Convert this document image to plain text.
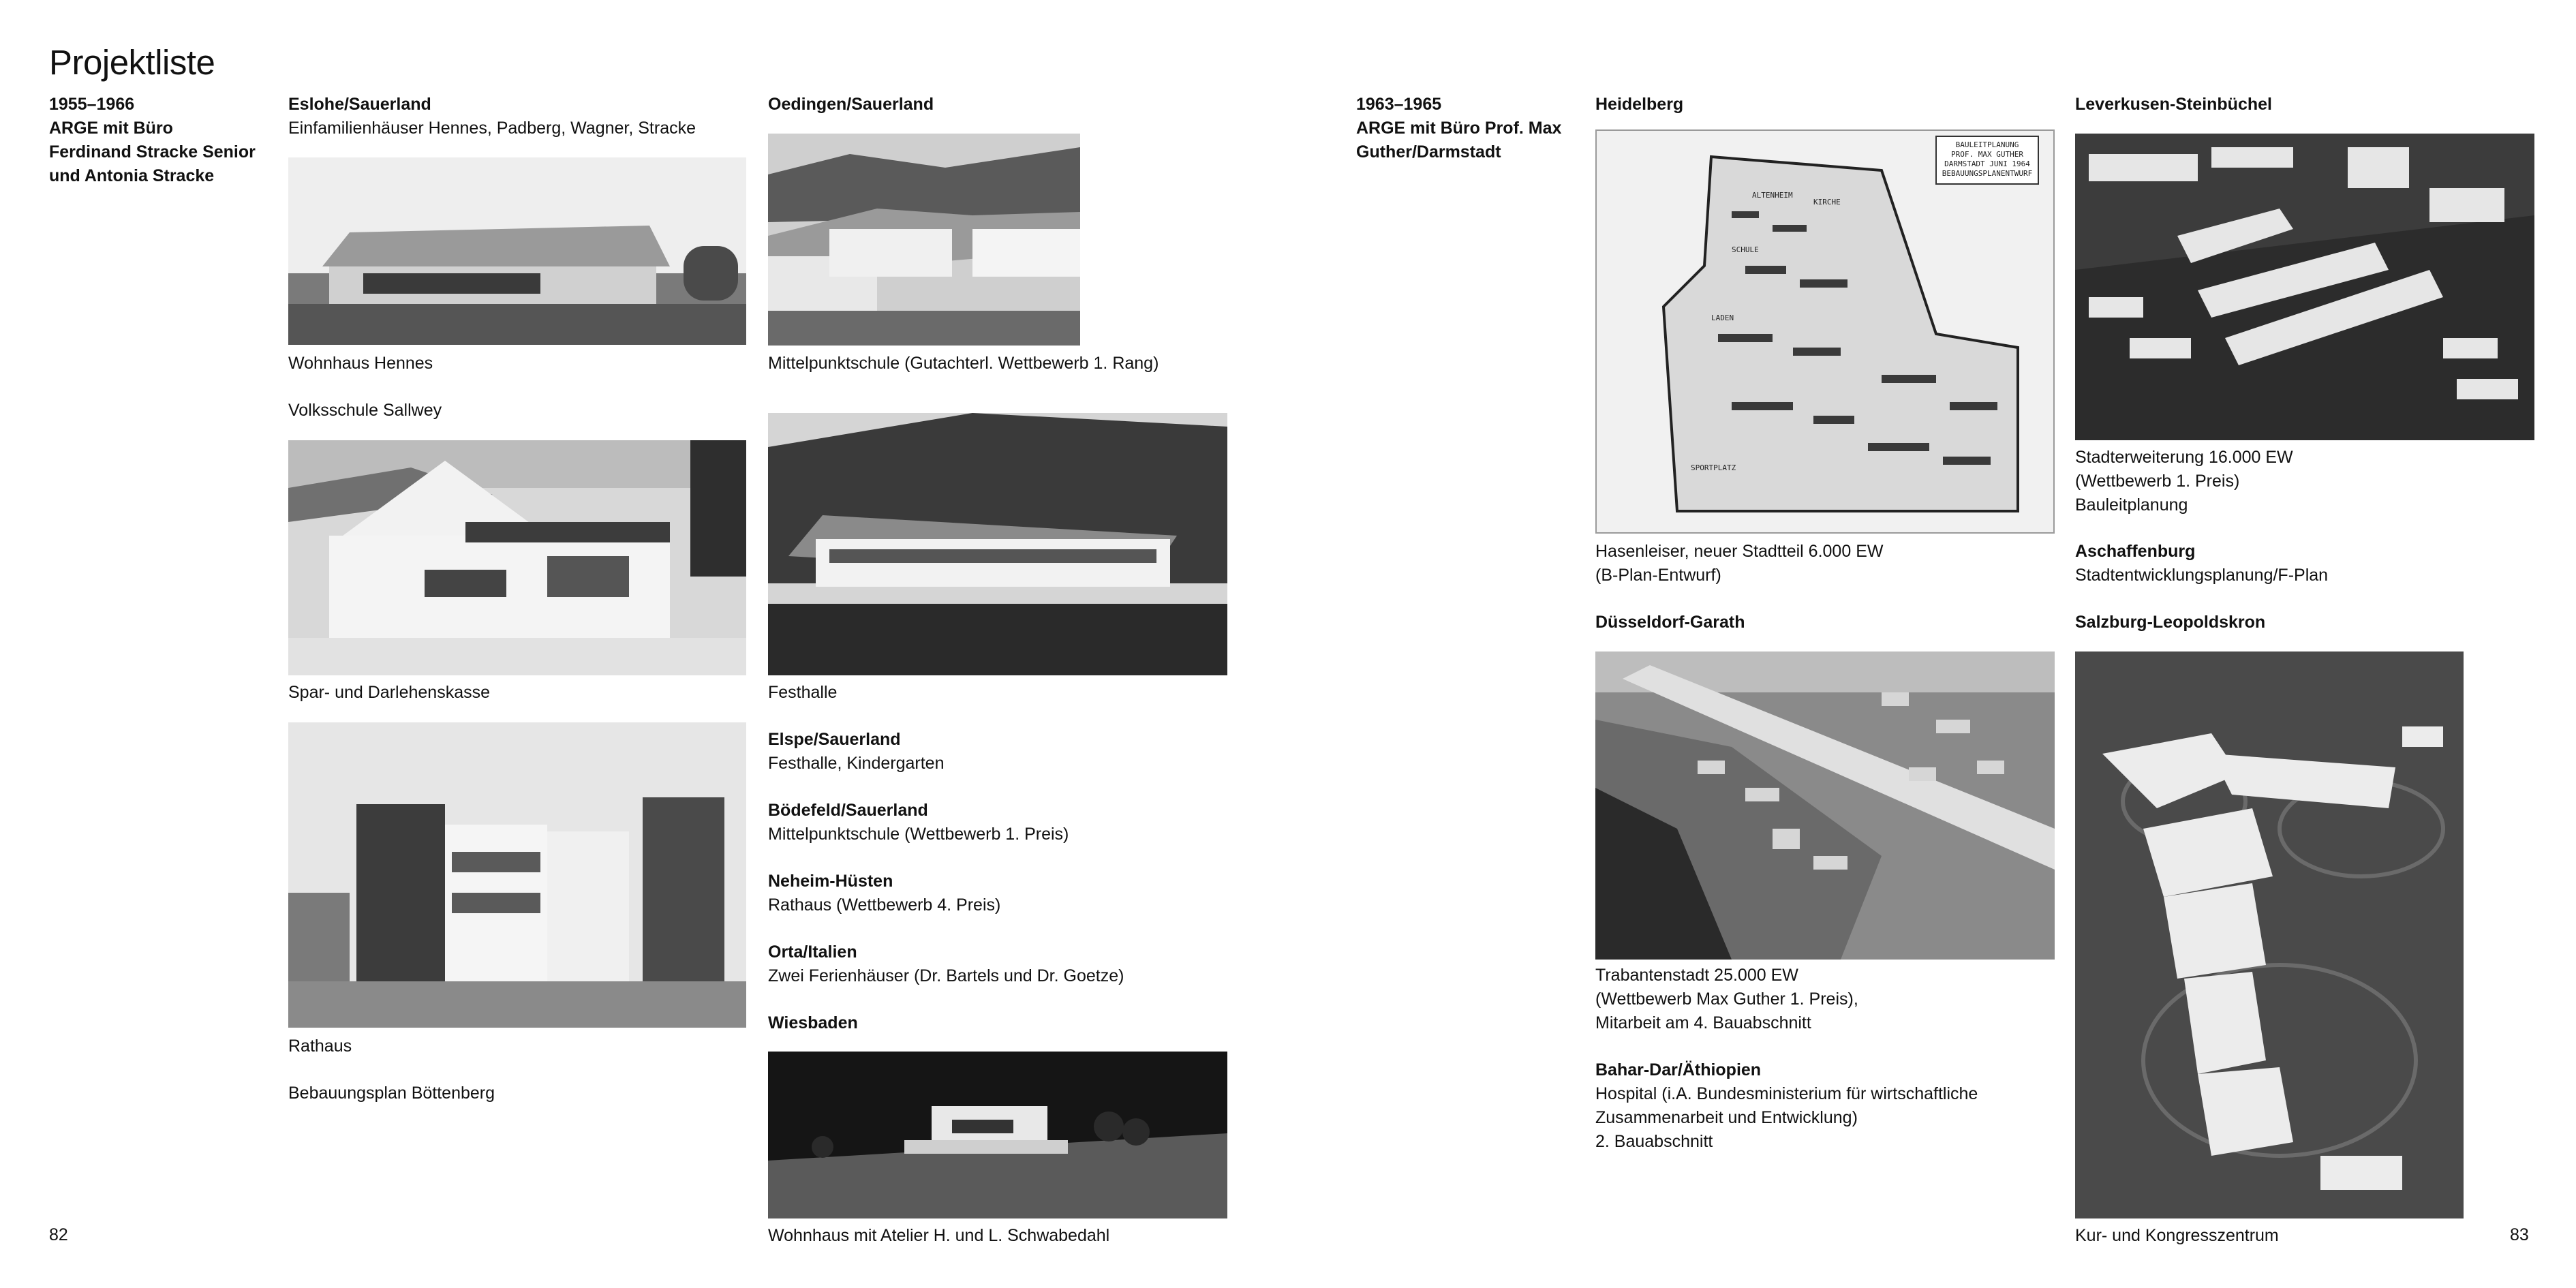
Projektliste
1955–1966
ARGE mit Büro
Ferdinand Stracke Senior
und Antonia Stracke
Eslohe/Sauerland
Einfamilienhäuser Hennes, Padberg, Wagner, Stracke
Wohnhaus Hennes
Volksschule Sallwey
Spar- und Darlehenskasse
Rathaus
Bebauungsplan Böttenberg
Oedingen/Sauerland
Mittelpunktschule (Gutachterl. Wettbewerb 1. Rang)
Festhalle
Elspe/Sauerland
Festhalle, Kindergarten
Bödefeld/Sauerland
Mittelpunktschule (Wettbewerb 1. Preis)
Neheim-Hüsten
Rathaus (Wettbewerb 4. Preis)
Orta/Italien
Zwei Ferienhäuser (Dr. Bartels und Dr. Goetze)
Wiesbaden
Wohnhaus mit Atelier H. und L. Schwabedahl
82
1963–1965
ARGE mit Büro Prof. Max
Guther/Darmstadt
Heidelberg
BAULEITPLANUNG
PROF. MAX GUTHER
DARMSTADT JUNI 1964
BEBAUUNGSPLANENTWURF
ALTENHEIM
KIRCHE
SCHULE
LADEN
SPORTPLATZ
Hasenleiser, neuer Stadtteil 6.000 EW
(B-Plan-Entwurf)
Düsseldorf-Garath
Trabantenstadt 25.000 EW
(Wettbewerb Max Guther 1. Preis),
Mitarbeit am 4. Bauabschnitt
Bahar-Dar/Äthiopien
Hospital (i.A. Bundesministerium für wirtschaftliche
Zusammenarbeit und Entwicklung)
2. Bauabschnitt
Leverkusen-Steinbüchel
Stadterweiterung 16.000 EW
(Wettbewerb 1. Preis)
Bauleitplanung
Aschaffenburg
Stadtentwicklungsplanung/F-Plan
Salzburg-Leopoldskron
Kur- und Kongresszentrum	83
